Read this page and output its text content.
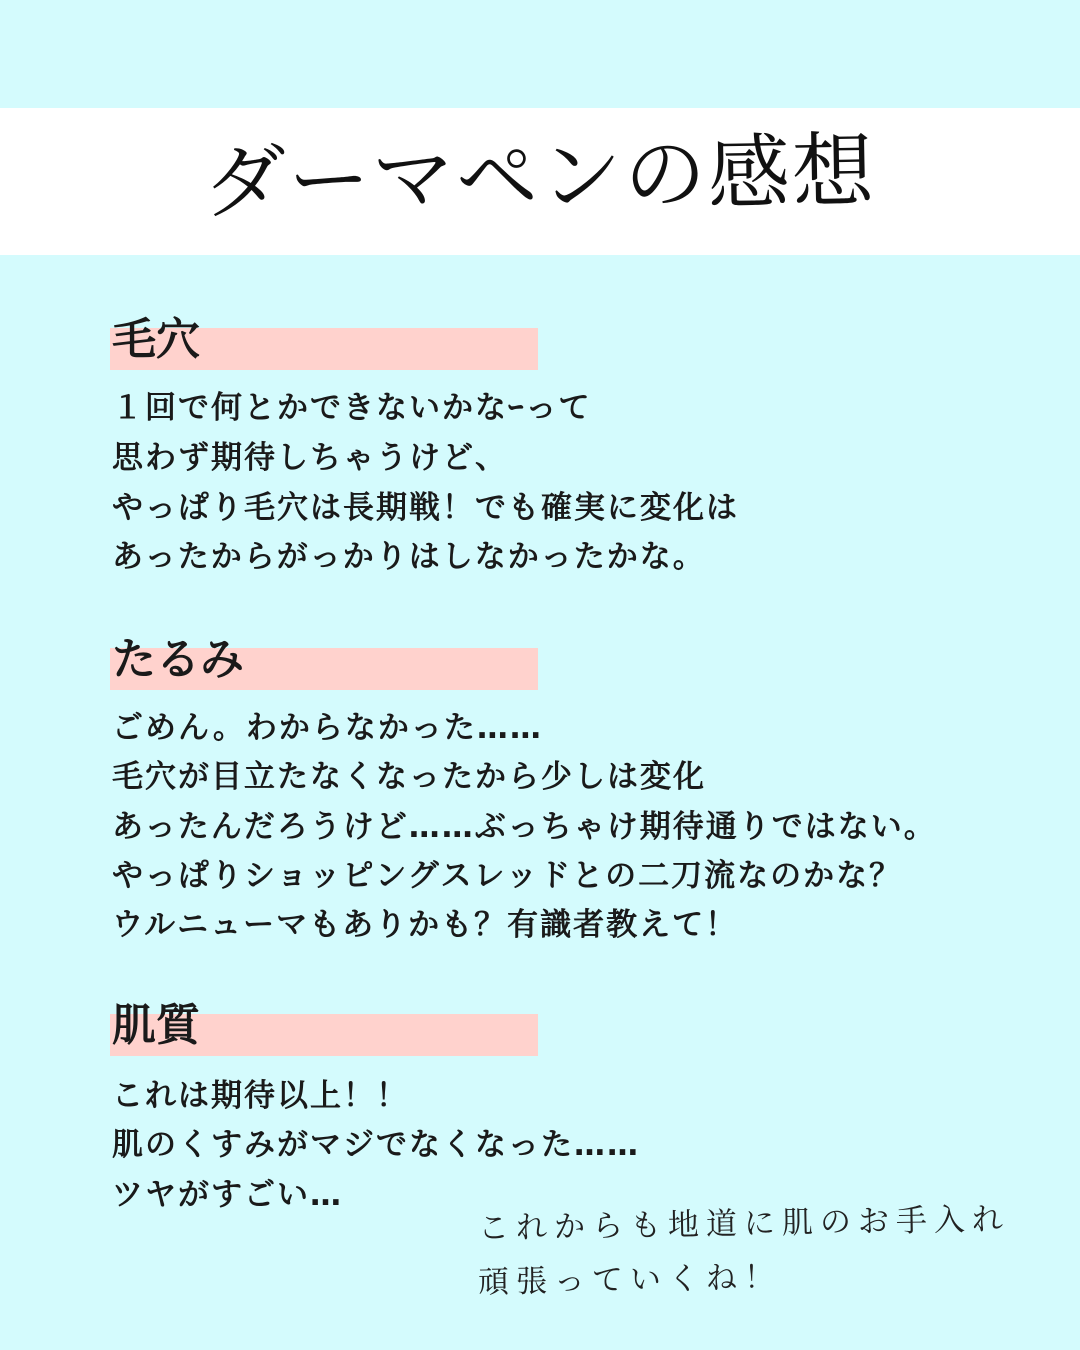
ダーマペンの感想
毛穴
１回で何とかできないかなｰって
思わず期待しちゃうけど、
やっぱり毛穴は長期戦！でも確実に変化は
あったからがっかりはしなかったかな。
たるみ
ごめん。わからなかった……
毛穴が目立たなくなったから少しは変化
あったんだろうけど……ぶっちゃけ期待通りではない。
やっぱりショッピングスレッドとの二刀流なのかな？
ウルニューマもありかも？有識者教えて！
肌質
これは期待以上！！
肌のくすみがマジでなくなった……
ツヤがすごい…
これからも地道に肌のお手入れ
頑張っていくね！
